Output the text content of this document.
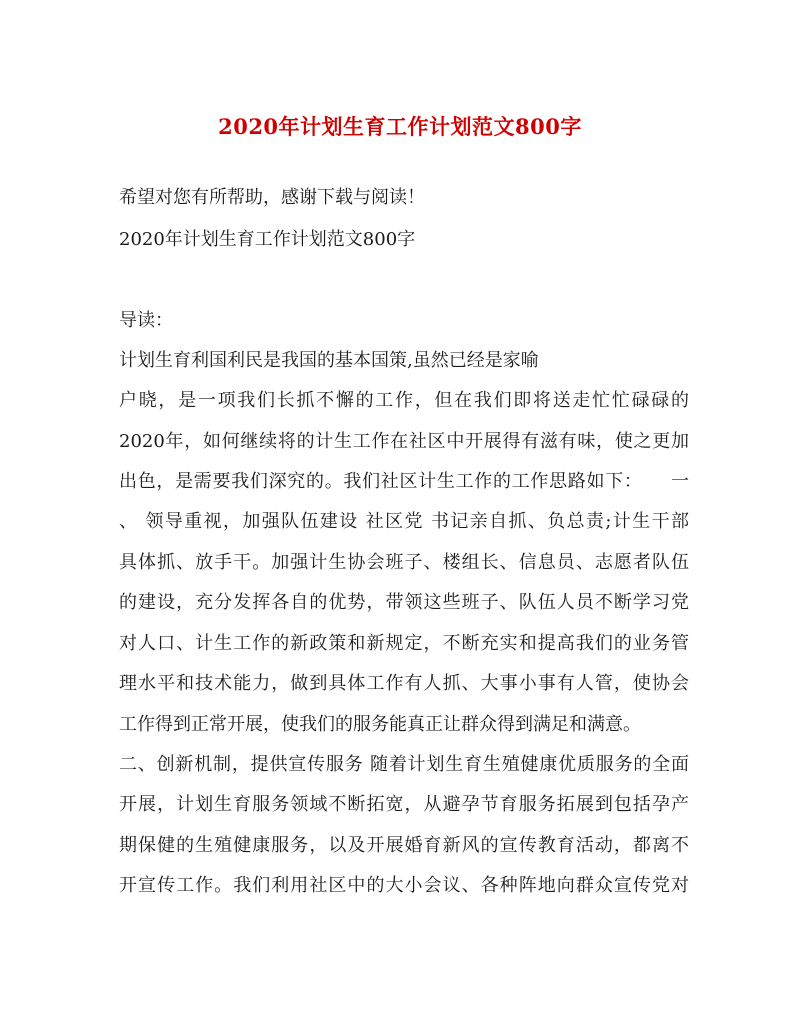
2020年计划生育工作计划范文800字
希望对您有所帮助，感谢下载与阅读！
2020年计划生育工作计划范文800字
导读：
计划生育利国利民是我国的基本国策,虽然已经是家喻
户晓，是一项我们长抓不懈的工作，但在我们即将送走忙忙碌碌的
2020年，如何继续将的计生工作在社区中开展得有滋有味，使之更加
出色，是需要我们深究的。我们社区计生工作的工作思路如下：　　一
、 领导重视，加强队伍建设 社区党 书记亲自抓、负总责;计生干部
具体抓、放手干。加强计生协会班子、楼组长、信息员、志愿者队伍
的建设，充分发挥各自的优势，带领这些班子、队伍人员不断学习党
对人口、计生工作的新政策和新规定，不断充实和提高我们的业务管
理水平和技术能力，做到具体工作有人抓、大事小事有人管，使协会
工作得到正常开展，使我们的服务能真正让群众得到满足和满意。
二、创新机制，提供宣传服务 随着计划生育生殖健康优质服务的全面
开展，计划生育服务领域不断拓宽，从避孕节育服务拓展到包括孕产
期保健的生殖健康服务，以及开展婚育新风的宣传教育活动，都离不
开宣传工作。我们利用社区中的大小会议、各种阵地向群众宣传党对
